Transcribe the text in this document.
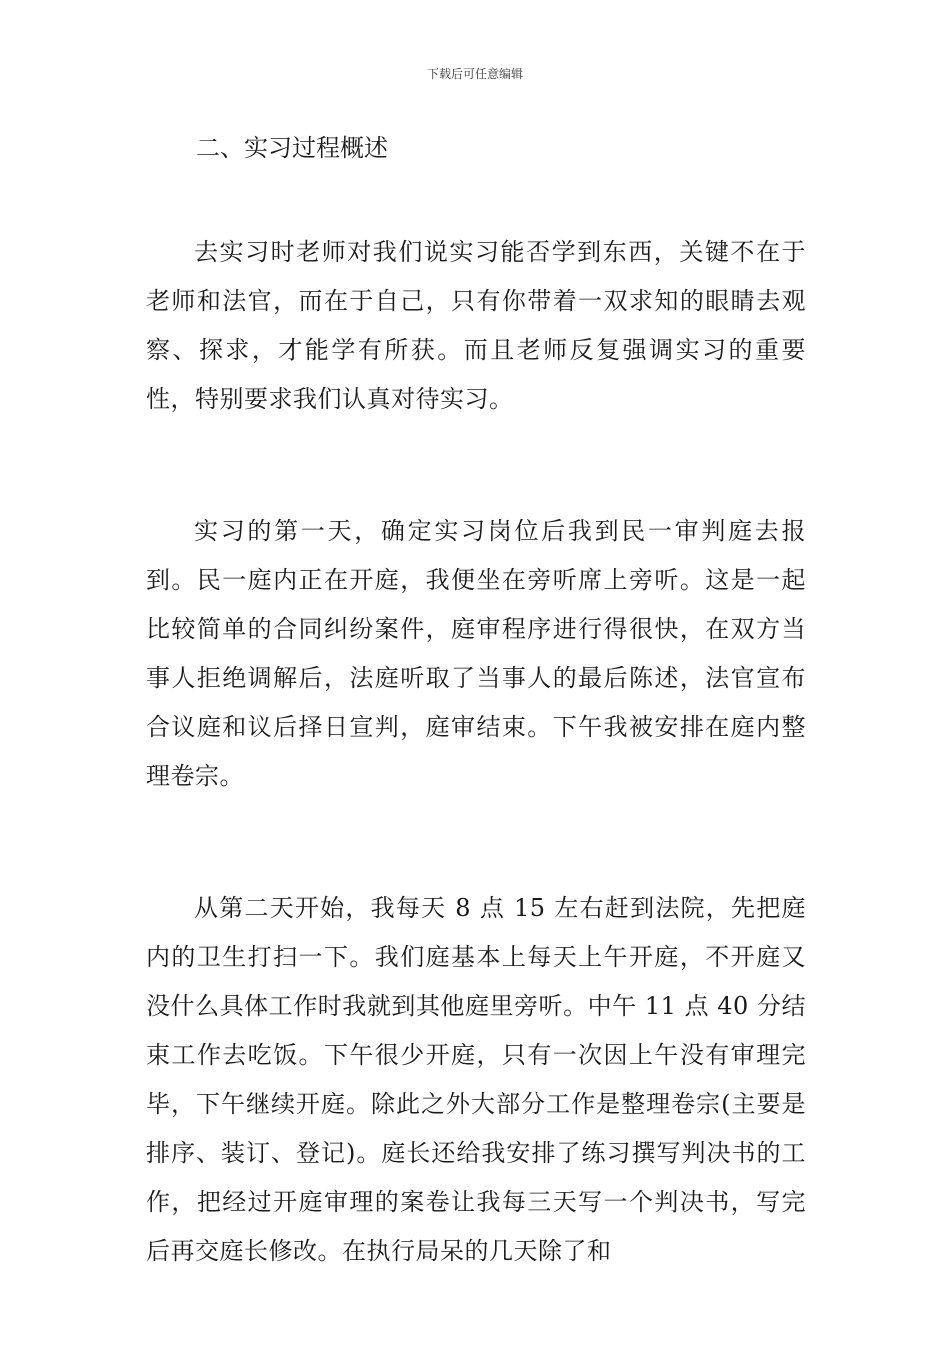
下载后可任意编辑
二、实习过程概述

去实习时老师对我们说实习能否学到东西，关键不在于老师和法官，而在于自己，只有你带着一双求知的眼睛去观察、探求，才能学有所获。而且老师反复强调实习的重要性，特别要求我们认真对待实习。

实习的第一天，确定实习岗位后我到民一审判庭去报到。民一庭内正在开庭，我便坐在旁听席上旁听。这是一起比较简单的合同纠纷案件，庭审程序进行得很快，在双方当事人拒绝调解后，法庭听取了当事人的最后陈述，法官宣布合议庭和议后择日宣判，庭审结束。下午我被安排在庭内整理卷宗。

从第二天开始，我每天 8 点 15 左右赶到法院，先把庭内的卫生打扫一下。我们庭基本上每天上午开庭，不开庭又没什么具体工作时我就到其他庭里旁听。中午 11 点 40 分结束工作去吃饭。下午很少开庭，只有一次因上午没有审理完毕，下午继续开庭。除此之外大部分工作是整理卷宗(主要是排序、装订、登记)。庭长还给我安排了练习撰写判决书的工作，把经过开庭审理的案卷让我每三天写一个判决书，写完后再交庭长修改。在执行局呆的几天除了和
